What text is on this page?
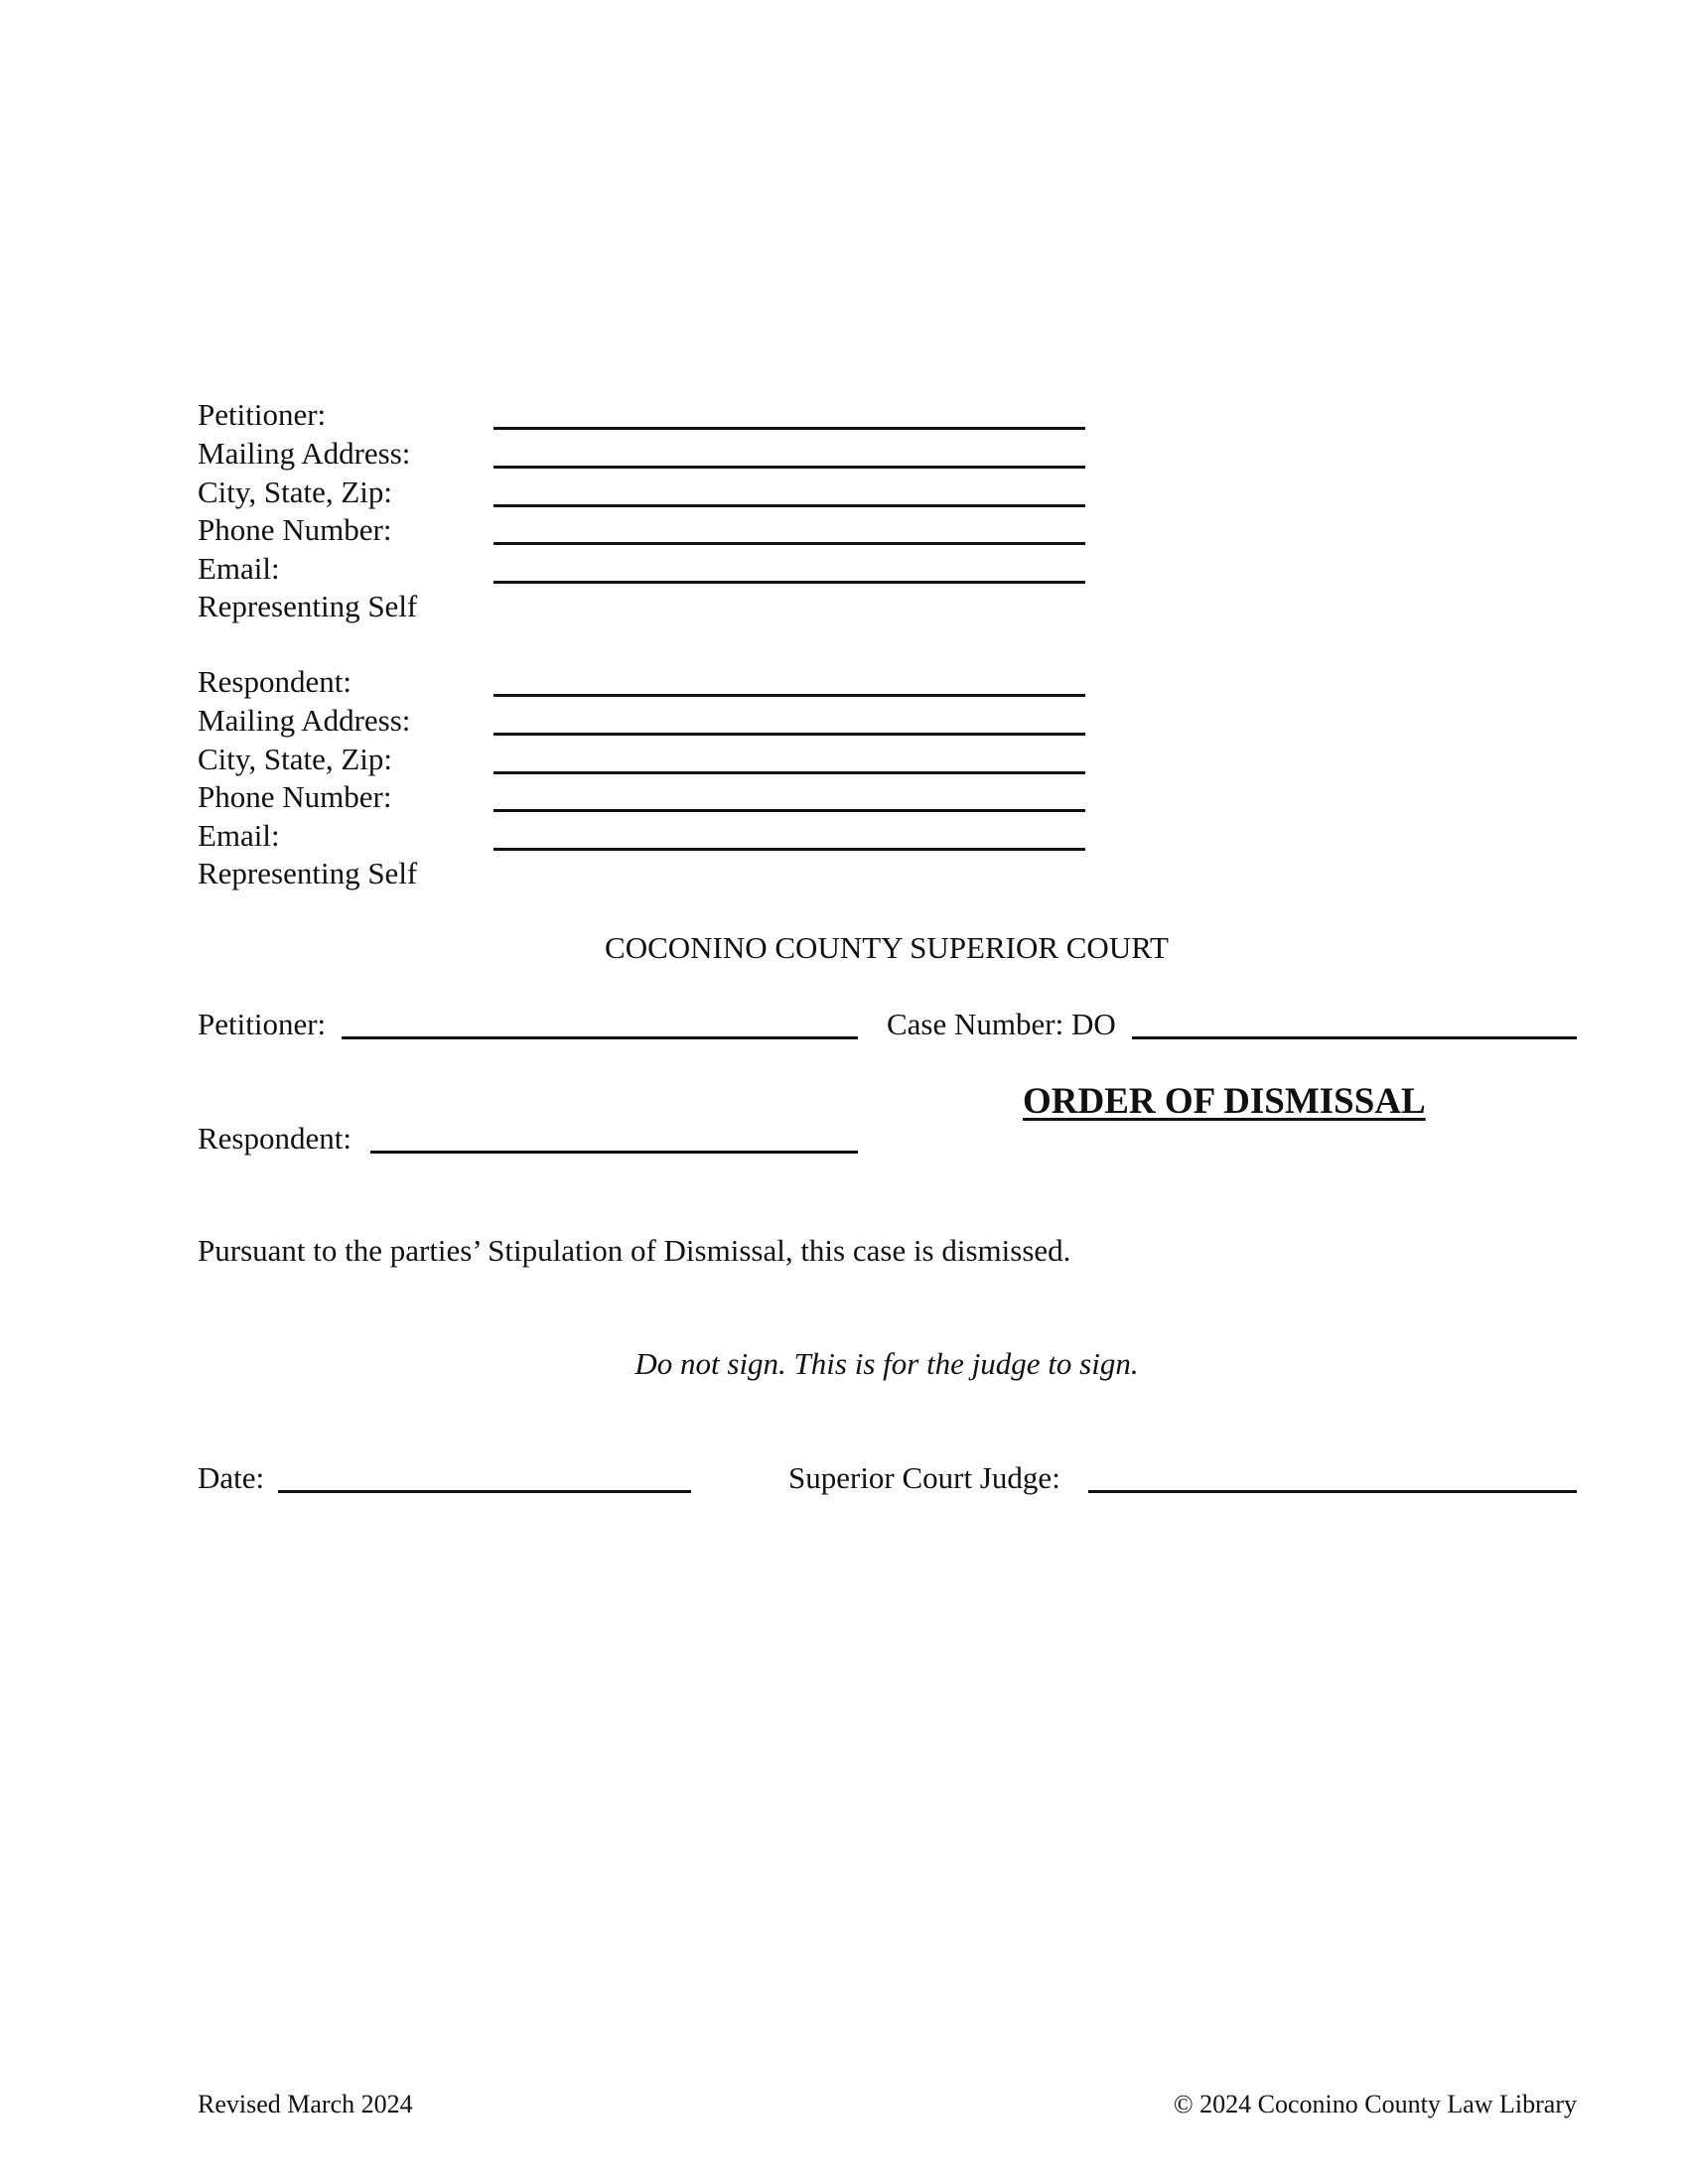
Petitioner:
Mailing Address:
City, State, Zip:
Phone Number:
Email:
Representing Self
Respondent:
Mailing Address:
City, State, Zip:
Phone Number:
Email:
Representing Self
COCONINO COUNTY SUPERIOR COURT
Petitioner:	Case Number: DO
ORDER OF DISMISSAL
Respondent:
Pursuant to the parties’ Stipulation of Dismissal, this case is dismissed.
Do not sign. This is for the judge to sign.
Date:	Superior Court Judge:
Revised March 2024	© 2024 Coconino County Law Library
